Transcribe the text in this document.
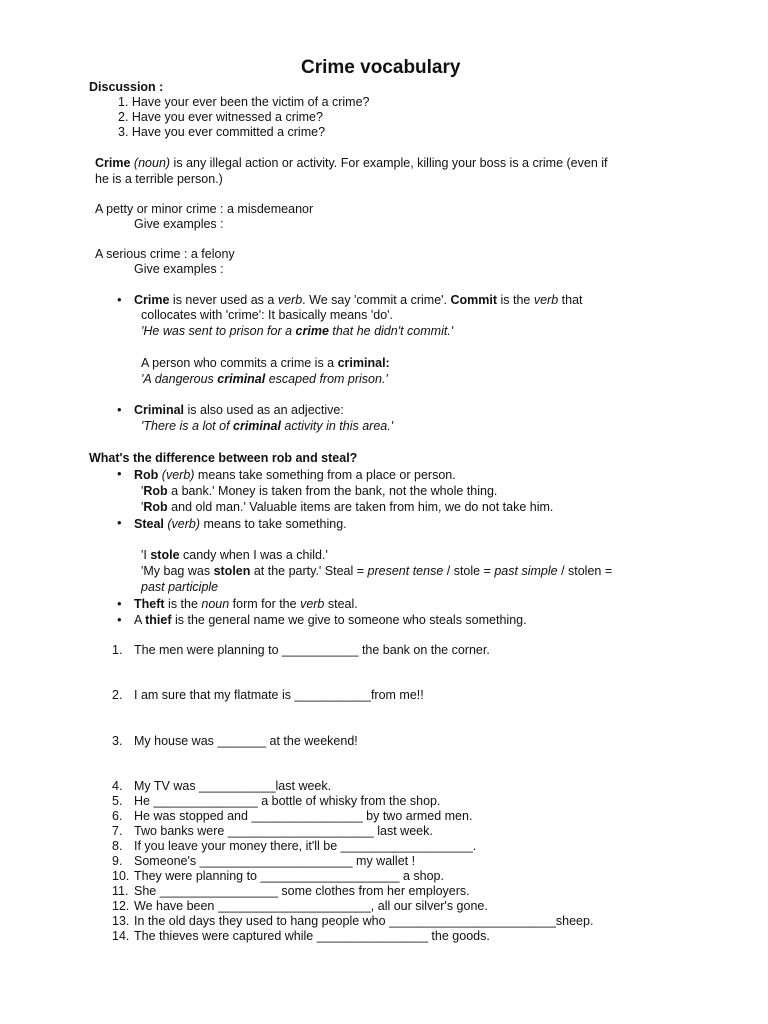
Crime vocabulary
Discussion :
1. Have your ever been the victim of a crime?
2. Have you ever witnessed a crime?
3. Have you ever committed a crime?
Crime (noun) is any illegal action or activity. For example, killing your boss is a crime (even if
he is a terrible person.)
A petty or minor crime : a misdemeanor
Give examples :
A serious crime : a felony
Give examples :
• Crime is never used as a verb. We say 'commit a crime'. Commit is the verb that
collocates with 'crime': It basically means 'do'.
'He was sent to prison for a crime that he didn't commit.'
A person who commits a crime is a criminal:
'A dangerous criminal escaped from prison.'
• Criminal is also used as an adjective:
'There is a lot of criminal activity in this area.'
What's the difference between rob and steal?
• Rob (verb) means take something from a place or person.
'Rob a bank.' Money is taken from the bank, not the whole thing.
'Rob and old man.' Valuable items are taken from him, we do not take him.
• Steal (verb) means to take something.
'I stole candy when I was a child.'
'My bag was stolen at the party.' Steal = present tense / stole = past simple / stolen =
past participle
• Theft is the noun form for the verb steal.
• A thief is the general name we give to someone who steals something.
1. The men were planning to ___________ the bank on the corner.
2. I am sure that my flatmate is ___________from me!!
3. My house was _______ at the weekend!
4. My TV was ___________last week.
5. He _______________ a bottle of whisky from the shop.
6. He was stopped and ________________ by two armed men.
7. Two banks were _____________________ last week.
8. If you leave your money there, it'll be ___________________.
9. Someone's ______________________ my wallet !
10. They were planning to ____________________ a shop.
11. She _________________ some clothes from her employers.
12. We have been ______________________, all our silver's gone.
13. In the old days they used to hang people who ________________________sheep.
14. The thieves were captured while ________________ the goods.
